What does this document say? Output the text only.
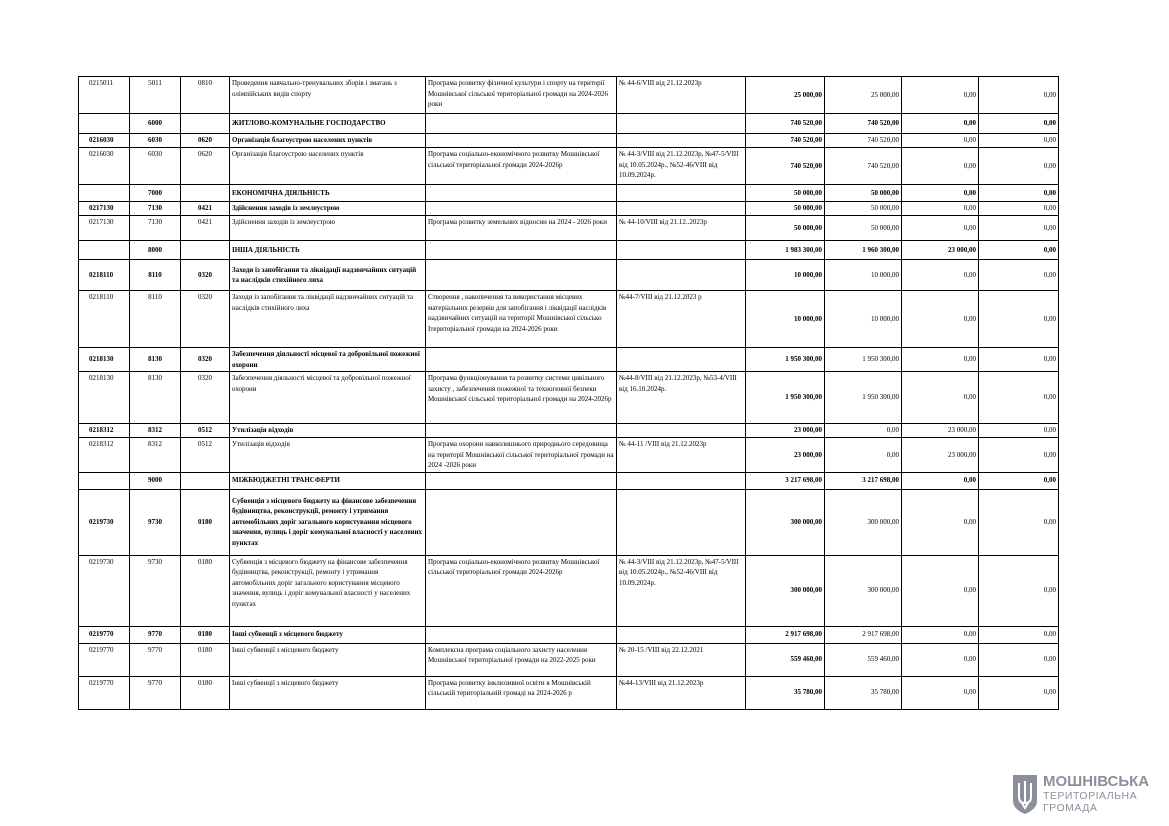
0215011	5011	0810	Проведення навчально-тренувальних зборів і змагань з олімпійських видів спорту	Програма розвитку фізичної культури і спорту на території Мошнівської сільської територіальної громади на 2024-2026 роки	№ 44-6/VIII від 21.12.2023р	25 000,00	25 000,00	0,00	0,00
	6000		ЖИТЛОВО-КОМУНАЛЬНЕ ГОСПОДАРСТВО			740 520,00	740 520,00	0,00	0,00
0216030	6030	0620	Організація благоустрою населених пунктів			740 520,00	740 520,00	0,00	0,00
0216030	6030	0620	Організація благоустрою населених пунктів	Програма соціально-економічного розвитку Мошнівської сільської територіальної громади 2024-2026р	№ 44-3/VIII від 21.12.2023р, №47-5/VIII від 10.05.2024р., №52-46/VIII від 10.09.2024р.	740 520,00	740 520,00	0,00	0,00
	7000		ЕКОНОМІЧНА ДІЯЛЬНІСТЬ			50 000,00	50 000,00	0,00	0,00
0217130	7130	0421	Здійснення заходів із землеустрою			50 000,00	50 000,00	0,00	0,00
0217130	7130	0421	Здійснення заходів із землеустрою	Програма розвитку земельних відносин на 2024 - 2026 роки	№ 44-10/VIII від 21.12..2023р	50 000,00	50 000,00	0,00	0,00
	8000		ІНША ДІЯЛЬНІСТЬ			1 983 300,00	1 960 300,00	23 000,00	0,00
0218110	8110	0320	Заходи із запобігання та ліквідації надзвичайних ситуацій та наслідків стихійного лиха			10 000,00	10 000,00	0,00	0,00
0218110	8110	0320	Заходи із запобігання та ліквідації надзвичайних ситуацій та наслідків стихійного лиха	Створення , накопичення та використання місцевих матеріальних резервів для запобігання і ліквідації наслідків надзвичайних ситуацій на території Мошнівської сільсько Ітериторіальної громади на 2024-2026 роки	№44-7/VIII від 21.12.2023 р	10 000,00	10 000,00	0,00	0,00
0218130	8130	0320	Забезпечення діяльності місцевої та добровільної пожежної охорони			1 950 300,00	1 950 300,00	0,00	0,00
0218130	8130	0320	Забезпечення діяльності місцевої та добровільної пожежної охорони	Програма функціонування та розвитку системи цивільного захисту , забезпечення пожежної та техногенної безпеки Мошнівської сільської територіальної громади на 2024-2026р	№44-8/VIII від 21.12.2023р, №53-4/VIII від 16.10.2024р.	1 950 300,00	1 950 300,00	0,00	0,00
0218312	8312	0512	Утилізація відходів			23 000,00	0,00	23 000,00	0,00
0218312	8312	0512	Утилізація відходів	Програма охорони навколишнього природнього середовища на території Мошнівської сільської територіальної громади на 2024 -2026 роки	№ 44-11 /VIII від 21.12.2023р	23 000,00	0,00	23 000,00	0,00
	9000		МІЖБЮДЖЕТНІ ТРАНСФЕРТИ			3 217 698,00	3 217 698,00	0,00	0,00
0219730	9730	0180	Субвенція з місцевого бюджету на фінансове забезпечення будівництва, реконструкції, ремонту і утримання автомобільних доріг загального користування місцевого значення, вулиць і доріг комунальної власності у населених пунктах			300 000,00	300 000,00	0,00	0,00
0219730	9730	0180	Субвенція з місцевого бюджету на фінансове забезпечення будівництва, реконструкції, ремонту і утримання автомобільних доріг загального користування місцевого значення, вулиць і доріг комунальної власності у населених пунктах	Програма соціально-економічного розвитку Мошнівської сільської територіальної громади 2024-2026р	№ 44-3/VIII від 21.12.2023р, №47-5/VIII від 10.05.2024р., №52-46/VIII від 10.09.2024р.	300 000,00	300 000,00	0,00	0,00
0219770	9770	0180	Інші субвенції з місцевого бюджету			2 917 698,00	2 917 698,00	0,00	0,00
0219770	9770	0180	Інші субвенції з місцевого бюджету	Комплексна програма соціального захисту населення Мошнівської територіальної громади на 2022-2025 роки	№ 20-15 /VIII від 22.12.2021	559 460,00	559 460,00	0,00	0,00
0219770	9770	0180	Інші субвенції з місцевого бюджету	Програма розвитку інклюзивної освіти в Мошнівській сільській територіальній громаді на 2024-2026 р	№44-13/VIII від 21.12.2023р	35 780,00	35 780,00	0,00	0,00
МОШНІВСЬКА
ТЕРИТОРІАЛЬНА
ГРОМАДА
